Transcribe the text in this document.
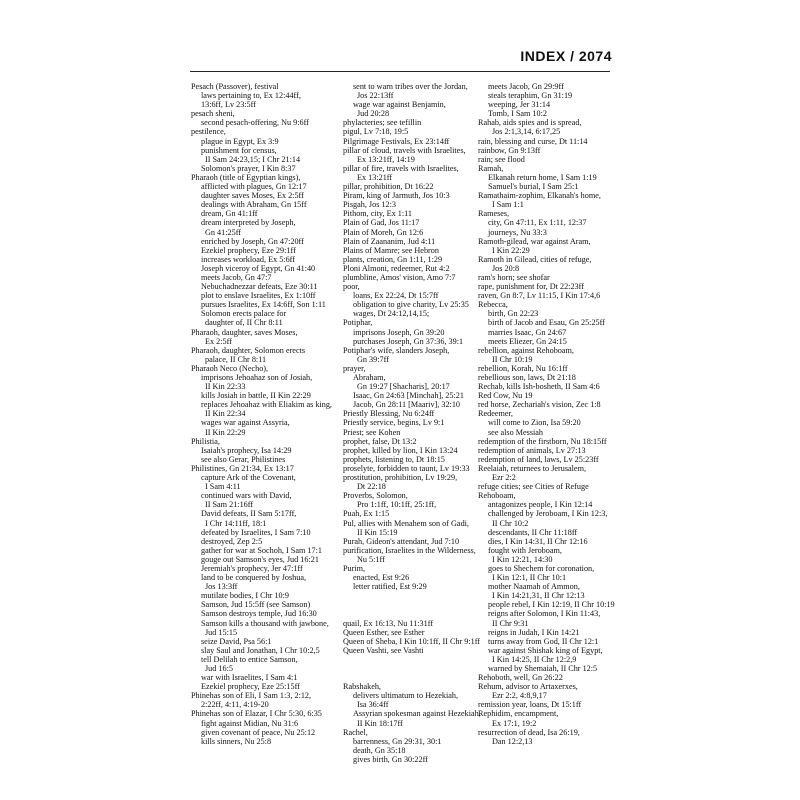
INDEX / 2074
Pesach (Passover), festival
laws pertaining to, Ex 12:44ff,
13:6ff, Lv 23:5ff
pesach sheni,
second pesach-offering, Nu 9:6ff
pestilence,
plague in Egypt, Ex 3:9
punishment for census,
II Sam 24:23,15; I Chr 21:14
Solomon's prayer, I Kin 8:37
Pharaoh (title of Egyptian kings),
afflicted with plagues, Gn 12:17
daughter saves Moses, Ex 2:5ff
dealings with Abraham, Gn 15ff
dream, Gn 41:1ff
dream interpreted by Joseph,
Gn 41:25ff
enriched by Joseph, Gn 47:20ff
Ezekiel prophecy, Eze 29:1ff
increases workload, Ex 5:6ff
Joseph viceroy of Egypt, Gn 41:40
meets Jacob, Gn 47:7
Nebuchadnezzar defeats, Eze 30:11
plot to enslave Israelites, Ex 1:10ff
pursues Israelites, Ex 14:6ff, Son 1:11
Solomon erects palace for
daughter of, II Chr 8:11
Pharaoh, daughter, saves Moses,
Ex 2:5ff
Pharaoh, daughter, Solomon erects
palace, II Chr 8:11
Pharaoh Neco (Necho),
imprisons Jehoahaz son of Josiah,
II Kin 22:33
kills Josiah in battle, II Kin 22:29
replaces Jehoahaz with Eliakim as king,
II Kin 22:34
wages war against Assyria,
II Kin 22:29
Philistia,
Isaiah's prophecy, Isa 14:29
see also Gerar, Philistines
Philistines, Gn 21:34, Ex 13:17
capture Ark of the Covenant,
I Sam 4:11
continued wars with David,
II Sam 21:16ff
David defeats, II Sam 5:17ff,
I Chr 14:11ff, 18:1
defeated by Israelites, I Sam 7:10
destroyed, Zep 2:5
gather for war at Sochoh, I Sam 17:1
gouge out Samson's eyes, Jud 16:21
Jeremiah's prophecy, Jer 47:1ff
land to be conquered by Joshua,
Jos 13:3ff
mutilate bodies, I Chr 10:9
Samson, Jud 15:5ff (see Samson)
Samson destroys temple, Jud 16:30
Samson kills a thousand with jawbone,
Jud 15:15
seize David, Psa 56:1
slay Saul and Jonathan, I Chr 10:2,5
tell Delilah to entice Samson,
Jud 16:5
war with Israelites, I Sam 4:1
Ezekiel prophecy, Eze 25:15ff
Phinehas son of Eli, I Sam 1:3, 2:12,
2:22ff, 4:11, 4:19-20
Phinehas son of Elazar, I Chr 5:30, 6:35
fight against Midian, Nu 31:6
given covenant of peace, Nu 25:12
kills sinners, Nu 25:8
sent to warn tribes over the Jordan,
Jos 22:13ff
wage war against Benjamin,
Jud 20:28
phylacteries; see tefillin
pigul, Lv 7:18, 19:5
Pilgrimage Festivals, Ex 23:14ff
pillar of cloud, travels with Israelites,
Ex 13:21ff, 14:19
pillar of fire, travels with Israelites,
Ex 13:21ff
pillar, prohibition, Dt 16:22
Piram, king of Jarmuth, Jos 10:3
Pisgah, Jos 12:3
Pithom, city, Ex 1:11
Plain of Gad, Jos 11:17
Plain of Moreh, Gn 12:6
Plain of Zaananim, Jud 4:11
Plains of Mamre; see Hebron
plants, creation, Gn 1:11, 1:29
Ploni Almoni, redeemer, Rut 4:2
plumbline, Amos' vision, Amo 7:7
poor,
loans, Ex 22:24, Dt 15:7ff
obligation to give charity, Lv 25:35
wages, Dt 24:12,14,15;
Potiphar,
imprisons Joseph, Gn 39:20
purchases Joseph, Gn 37:36, 39:1
Potiphar's wife, slanders Joseph,
Gn 39:7ff
prayer,
Abraham,
Gn 19:27 [Shacharis], 20:17
Isaac, Gn 24:63 [Minchah], 25:21
Jacob, Gn 28:11 [Maariv], 32:10
Priestly Blessing, Nu 6:24ff
Priestly service, begins, Lv 9:1
Priest; see Kohen
prophet, false, Dt 13:2
prophet, killed by lion, I Kin 13:24
prophets, listening to, Dt 18:15
proselyte, forbidden to taunt, Lv 19:33
prostitution, prohibition, Lv 19:29,
Dt 22:18
Proverbs, Solomon,
Pro 1:1ff, 10:1ff, 25:1ff,
Puah, Ex 1:15
Pul, allies with Menahem son of Gadi,
II Kin 15:19
Purah, Gideon's attendant, Jud 7:10
purification, Israelites in the Wilderness,
Nu 5:1ff
Purim,
enacted, Est 9:26
letter ratified, Est 9:29
quail, Ex 16:13, Nu 11:31ff
Queen Esther, see Esther
Queen of Sheba, I Kin 10:1ff, II Chr 9:1ff
Queen Vashti, see Vashti
Rabshakeh,
delivers ultimatum to Hezekiah,
Isa 36:4ff
Assyrian spokesman against Hezekiah,
II Kin 18:17ff
Rachel,
barrenness, Gn 29:31, 30:1
death, Gn 35:18
gives birth, Gn 30:22ff
meets Jacob, Gn 29:9ff
steals teraphim, Gn 31:19
weeping, Jer 31:14
Tomb, I Sam 10:2
Rahab, aids spies and is spread,
Jos 2:1,3,14, 6:17,25
rain, blessing and curse, Dt 11:14
rainbow, Gn 9:13ff
rain; see flood
Ramah,
Elkanah return home, I Sam 1:19
Samuel's burial, I Sam 25:1
Ramathaim-zophim, Elkanah's home,
I Sam 1:1
Rameses,
city, Gn 47:11, Ex 1:11, 12:37
journeys, Nu 33:3
Ramoth-gilead, war against Aram,
I Kin 22:29
Ramoth in Gilead, cities of refuge,
Jos 20:8
ram's horn; see shofar
rape, punishment for, Dt 22:23ff
raven, Gn 8:7, Lv 11:15, I Kin 17:4,6
Rebecca,
birth, Gn 22:23
birth of Jacob and Esau, Gn 25:25ff
marries Isaac, Gn 24:67
meets Eliezer, Gn 24:15
rebellion, against Rehoboam,
II Chr 10:19
rebellion, Korah, Nu 16:1ff
rebellious son, laws, Dt 21:18
Rechab, kills Ish-bosheth, II Sam 4:6
Red Cow, Nu 19
red horse, Zechariah's vision, Zec 1:8
Redeemer,
will come to Zion, Isa 59:20
see also Messiah
redemption of the firstborn, Nu 18:15ff
redemption of animals, Lv 27:13
redemption of land, laws, Lv 25:23ff
Reelaiah, returnees to Jerusalem,
Ezr 2:2
refuge cities; see Cities of Refuge
Rehoboam,
antagonizes people, I Kin 12:14
challenged by Jeroboam, I Kin 12:3,
II Chr 10:2
descendants, II Chr 11:18ff
dies, I Kin 14:31, II Chr 12:16
fought with Jeroboam,
I Kin 12:21, 14:30
goes to Shechem for coronation,
I Kin 12:1, II Chr 10:1
mother Naamah of Ammon,
I Kin 14:21,31, II Chr 12:13
people rebel, I Kin 12:19, II Chr 10:19
reigns after Solomon, I Kin 11:43,
II Chr 9:31
reigns in Judah, I Kin 14:21
turns away from God, II Chr 12:1
war against Shishak king of Egypt,
I Kin 14:25, II Chr 12:2,9
warned by Shemaiah, II Chr 12:5
Rehoboth, well, Gn 26:22
Rehum, advisor to Artaxerxes,
Ezr 2:2, 4:8,9,17
remission year, loans, Dt 15:1ff
Rephidim, encampment,
Ex 17:1, 19:2
resurrection of dead, Isa 26:19,
Dan 12:2,13
